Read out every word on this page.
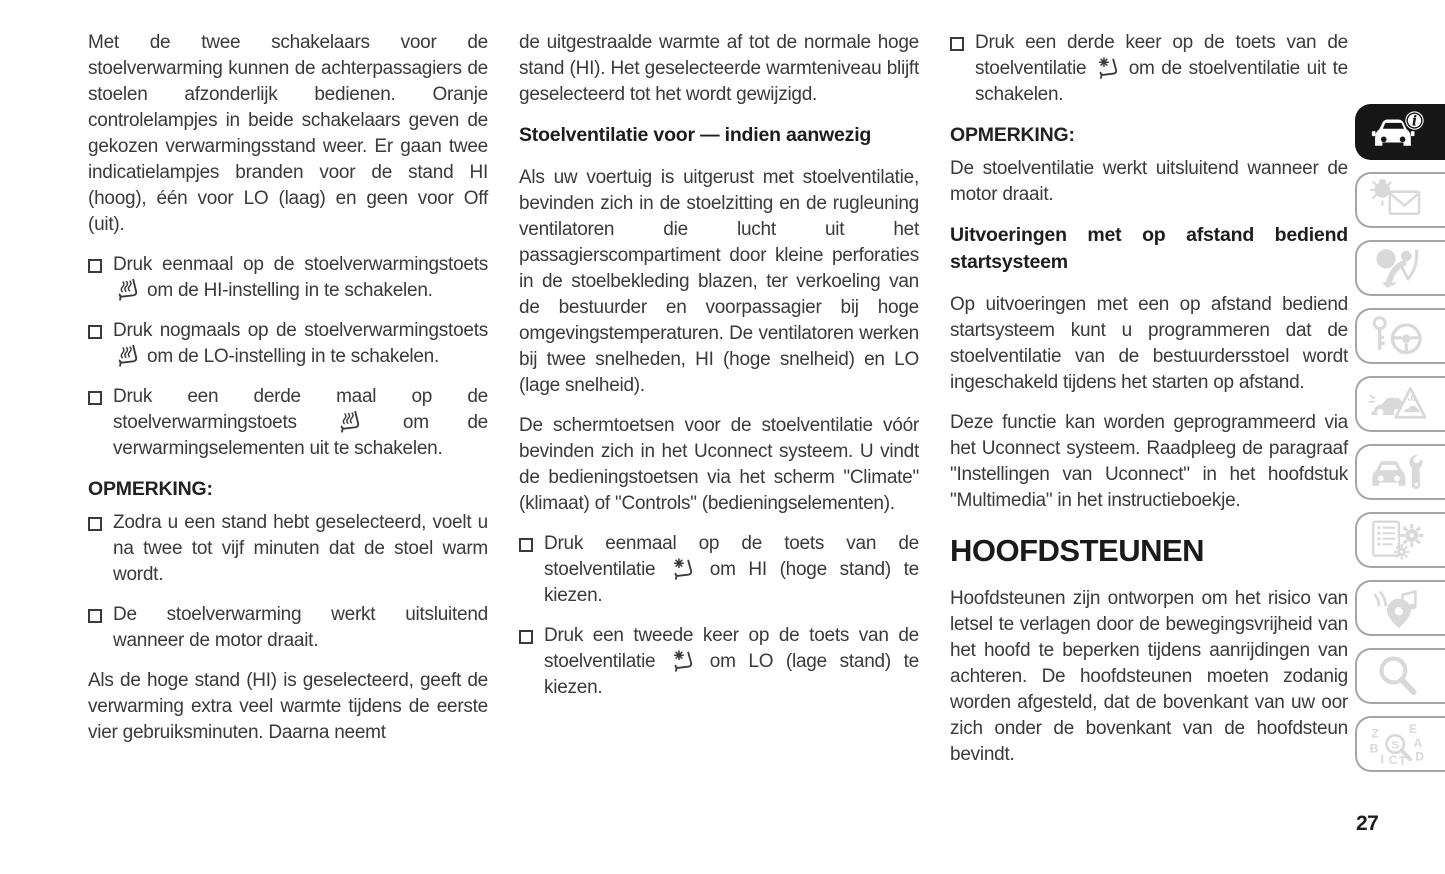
Met de twee schakelaars voor de stoelverwarming kunnen de achterpassagiers de stoelen afzonderlijk bedienen. Oranje controlelampjes in beide schakelaars geven de gekozen verwarmingsstand weer. Er gaan twee indicatielampjes branden voor de stand HI (hoog), één voor LO (laag) en geen voor Off (uit).
Druk eenmaal op de stoelverwarmingstoets  om de HI-instelling in te schakelen.
Druk nogmaals op de stoelverwarmingstoets  om de LO-instelling in te schakelen.
Druk een derde maal op de stoelverwarmingstoets  om de verwarmingselementen uit te schakelen.
OPMERKING:
Zodra u een stand hebt geselecteerd, voelt u na twee tot vijf minuten dat de stoel warm wordt.
De stoelverwarming werkt uitsluitend wanneer de motor draait.
Als de hoge stand (HI) is geselecteerd, geeft de verwarming extra veel warmte tijdens de eerste vier gebruiksminuten. Daarna neemt
de uitgestraalde warmte af tot de normale hoge stand (HI). Het geselecteerde warmteniveau blijft geselecteerd tot het wordt gewijzigd.
Stoelventilatie voor — indien aanwezig
Als uw voertuig is uitgerust met stoelventilatie, bevinden zich in de stoelzitting en de rugleuning ventilatoren die lucht uit het passagierscompartiment door kleine perforaties in de stoelbekleding blazen, ter verkoeling van de bestuurder en voorpassagier bij hoge omgevingstemperaturen. De ventilatoren werken bij twee snelheden, HI (hoge snelheid) en LO (lage snelheid).
De schermtoetsen voor de stoelventilatie vóór bevinden zich in het Uconnect systeem. U vindt de bedieningstoetsen via het scherm "Climate" (klimaat) of "Controls" (bedieningselementen).
Druk eenmaal op de toets van de stoelventilatie  om HI (hoge stand) te kiezen.
Druk een tweede keer op de toets van de stoelventilatie  om LO (lage stand) te kiezen.
Druk een derde keer op de toets van de stoelventilatie  om de stoelventilatie uit te schakelen.
OPMERKING:
De stoelventilatie werkt uitsluitend wanneer de motor draait.
Uitvoeringen met op afstand bediend startsysteem
Op uitvoeringen met een op afstand bediend startsysteem kunt u programmeren dat de stoelventilatie van de bestuurdersstoel wordt ingeschakeld tijdens het starten op afstand.
Deze functie kan worden geprogrammeerd via het Uconnect systeem. Raadpleeg de paragraaf "Instellingen van Uconnect" in het hoofdstuk "Multimedia" in het instructieboekje.
HOOFDSTEUNEN
Hoofdsteunen zijn ontworpen om het risico van letsel te verlagen door de bewegingsvrijheid van het hoofd te beperken tijdens aanrijdingen van achteren. De hoofdsteunen moeten zodanig worden afgesteld, dat de bovenkant van uw oor zich onder de bovenkant van de hoofdsteun bevindt.
27
